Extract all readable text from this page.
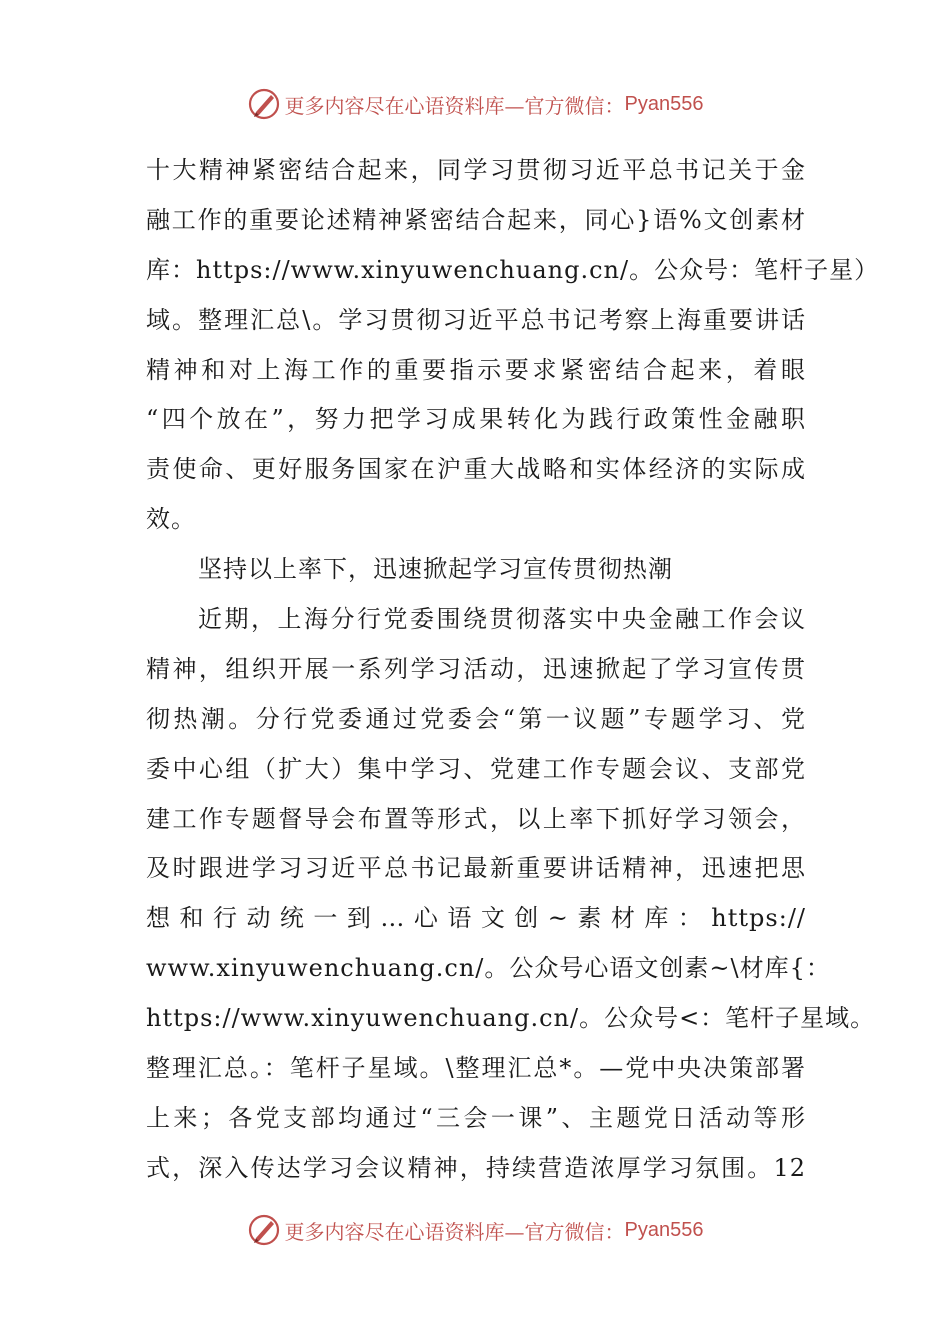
更多内容尽在心语资料库—官方微信： Pyan556
十大精神紧密结合起来，同学习贯彻习近平总书记关于金
融工作的重要论述精神紧密结合起来，同心}语%文创素材
库：https://www.xinyuwenchuang.cn/。公众号：笔杆子星）
域。整理汇总\。学习贯彻习近平总书记考察上海重要讲话
精神和对上海工作的重要指示要求紧密结合起来，着眼
“四个放在”，努力把学习成果转化为践行政策性金融职
责使命、更好服务国家在沪重大战略和实体经济的实际成
效。
坚持以上率下，迅速掀起学习宣传贯彻热潮
近期，上海分行党委围绕贯彻落实中央金融工作会议
精神，组织开展一系列学习活动，迅速掀起了学习宣传贯
彻热潮。分行党委通过党委会“第一议题”专题学习、党
委中心组（扩大）集中学习、党建工作专题会议、支部党
建工作专题督导会布置等形式，以上率下抓好学习领会，
及时跟进学习习近平总书记最新重要讲话精神，迅速把思
想和行动统一到…心语文创~素材库：https://
www.xinyuwenchuang.cn/。公众号心语文创素~\材库{：
https://www.xinyuwenchuang.cn/。公众号<：笔杆子星域。
整理汇总。：笔杆子星域。\整理汇总*。—党中央决策部署
上来；各党支部均通过“三会一课”、主题党日活动等形
式，深入传达学习会议精神，持续营造浓厚学习氛围。12
更多内容尽在心语资料库—官方微信： Pyan556
